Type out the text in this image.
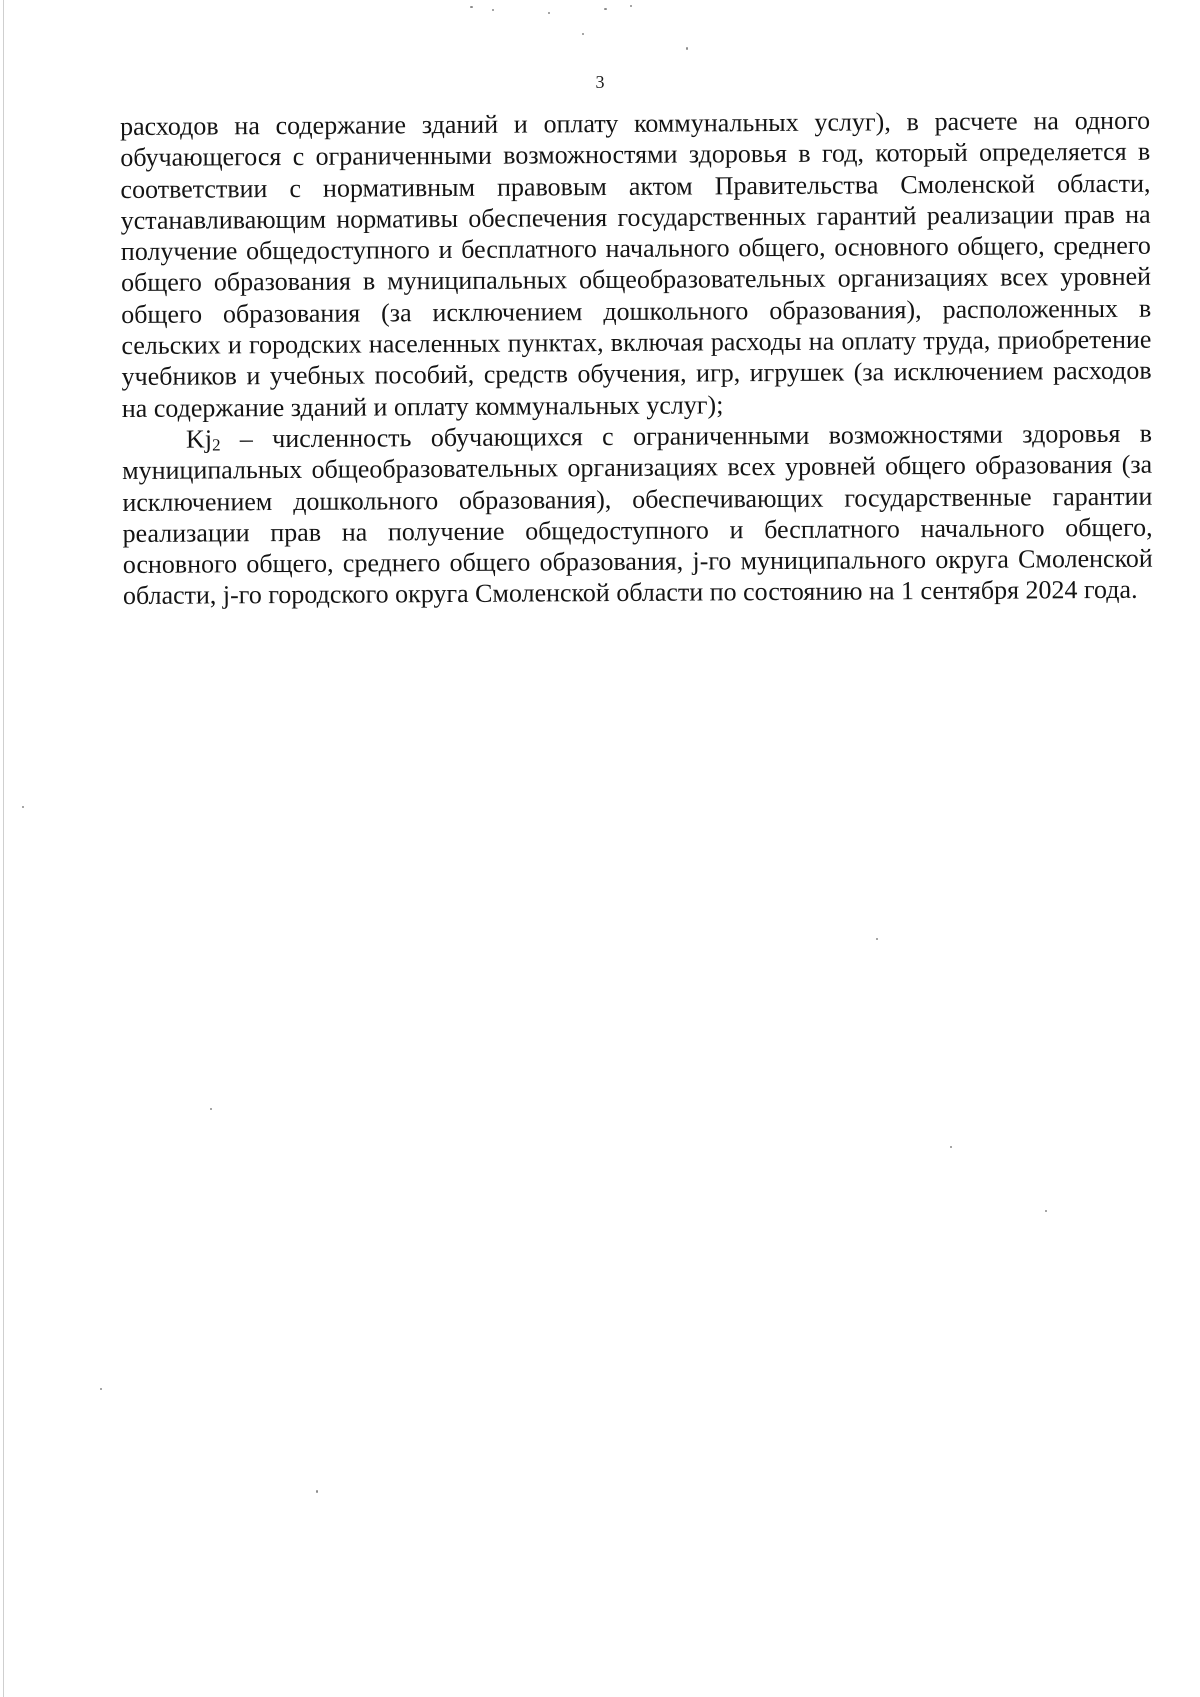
3

расходов на содержание зданий и оплату коммунальных услуг), в расчете на одного обучающегося с ограниченными возможностями здоровья в год, который определяется в соответствии с нормативным правовым актом Правительства Смоленской области, устанавливающим нормативы обеспечения государственных гарантий реализации прав на получение общедоступного и бесплатного начального общего, основного общего, среднего общего образования в муниципальных общеобразовательных организациях всех уровней общего образования (за исключением дошкольного образования), расположенных в сельских и городских населенных пунктах, включая расходы на оплату труда, приобретение учебников и учебных пособий, средств обучения, игр, игрушек (за исключением расходов на содержание зданий и оплату коммунальных услуг);

$Kj_2$ – численность обучающихся с ограниченными возможностями здоровья в муниципальных общеобразовательных организациях всех уровней общего образования (за исключением дошкольного образования), обеспечивающих государственные гарантии реализации прав на получение общедоступного и бесплатного начального общего, основного общего, среднего общего образования, j-го муниципального округа Смоленской области, j-го городского округа Смоленской области по состоянию на 1 сентября 2024 года.
